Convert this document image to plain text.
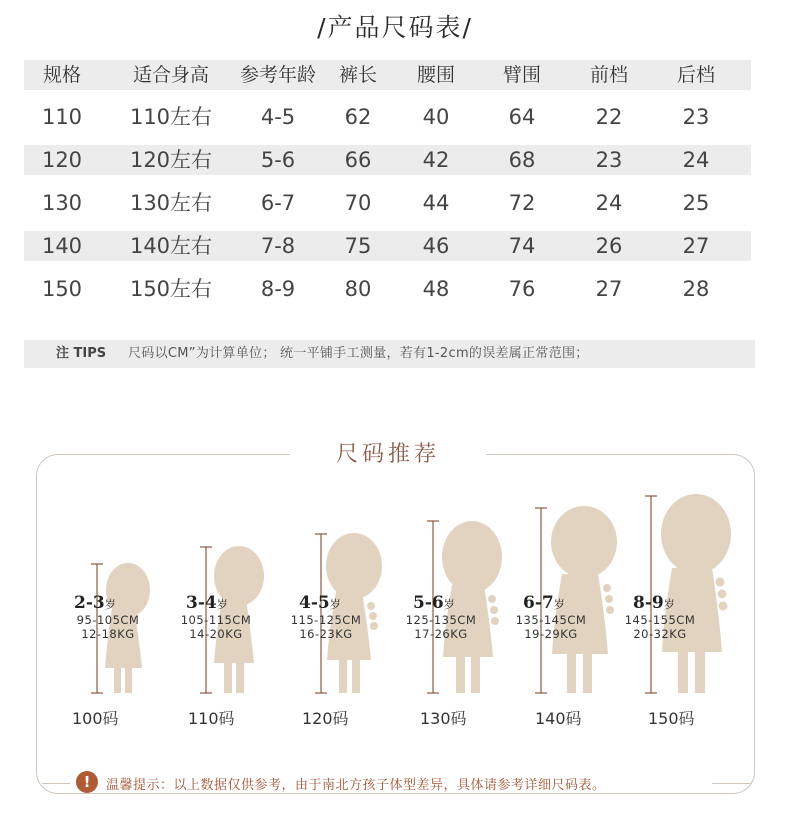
/产品尺码表/
规格	适合身高	参考年龄	裤长	腰围	臂围	前档	后档
110	110左右	4-5	62	40	64	22	23
120	120左右	5-6	66	42	68	23	24
130	130左右	6-7	70	44	72	24	25
140	140左右	7-8	75	46	74	26	27
150	150左右	8-9	80	48	76	27	28
注 TIPS 尺码以CM”为计算单位； 统一平铺手工测量，若有1-2cm的误差属正常范围；
尺码推荐
2-3岁
95-105CM
12-18KG
3-4岁
105-115CM
14-20KG
4-5岁
115-125CM
16-23KG
5-6岁
125-135CM
17-26KG
6-7岁
135-145CM
19-29KG
8-9岁
145-155CM
20-32KG
100码	110码	120码	130码	140码	150码
!	温馨提示：以上数据仅供参考，由于南北方孩子体型差异，具体请参考详细尺码表。
